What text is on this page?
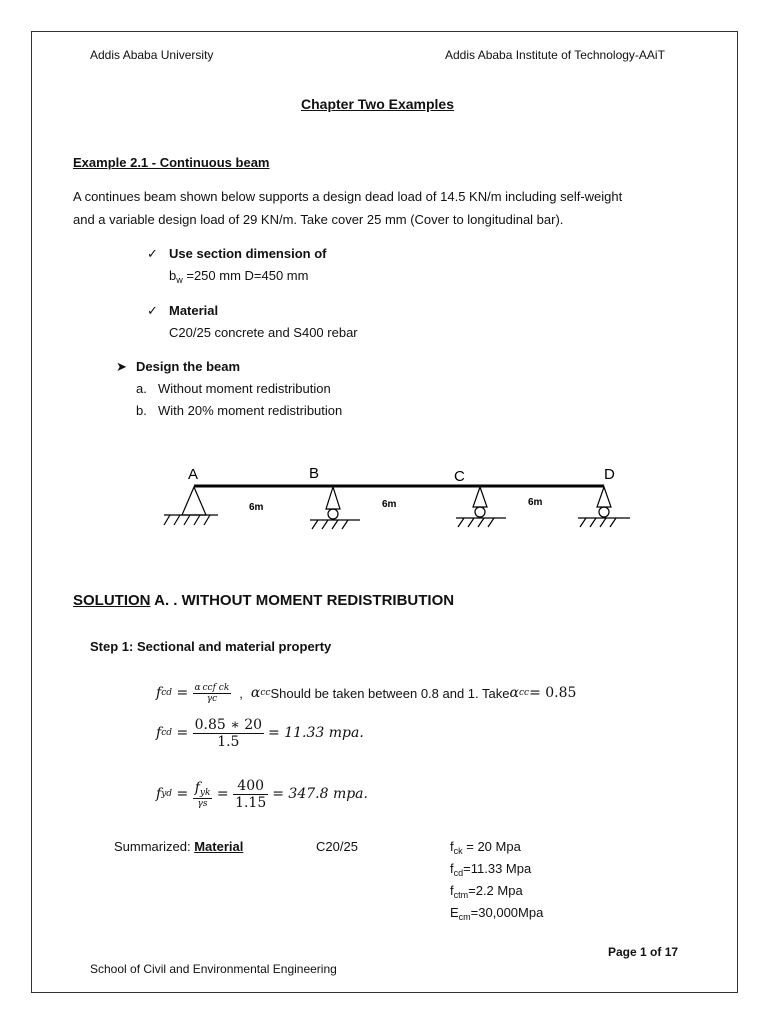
Addis Ababa University	Addis Ababa Institute of Technology-AAiT
Chapter Two Examples
Example 2.1 - Continuous beam
A continues beam shown below supports a design dead load of 14.5 KN/m including self-weight
and a variable design load of 29 KN/m. Take cover 25 mm (Cover to longitudinal bar).
✓ Use section dimension of
$b_w =250$ mm D=450 mm
✓ Material
C20/25 concrete and S400 rebar
➤ Design the beam
a. Without moment redistribution
b. With 20% moment redistribution
A	B	C	D
6m	6m	6m
SOLUTION A. . WITHOUT MOMENT REDISTRIBUTION
Step 1: Sectional and material property
f cd = $\frac{\text{α ccf ck}}{\gamma c}$ , α cc Should be taken between 0.8 and 1. Take α cc = 0.85
f cd = $\frac{0.85 ∗ 20}{1.5} = 11.33$ mpa.
f yd = $\frac{f_{yk}}{\gamma s} = \frac{400}{1.15} = 347.8$ mpa.
Summarized: Material	C20/25	$f_{ck} = 20$ Mpa
$f_{cd}=11.33$ Mpa
$f_{ctm}=2.2$ Mpa
$E_{cm}=30,000Mpa$
Page 1 of 17
School of Civil and Environmental Engineering
